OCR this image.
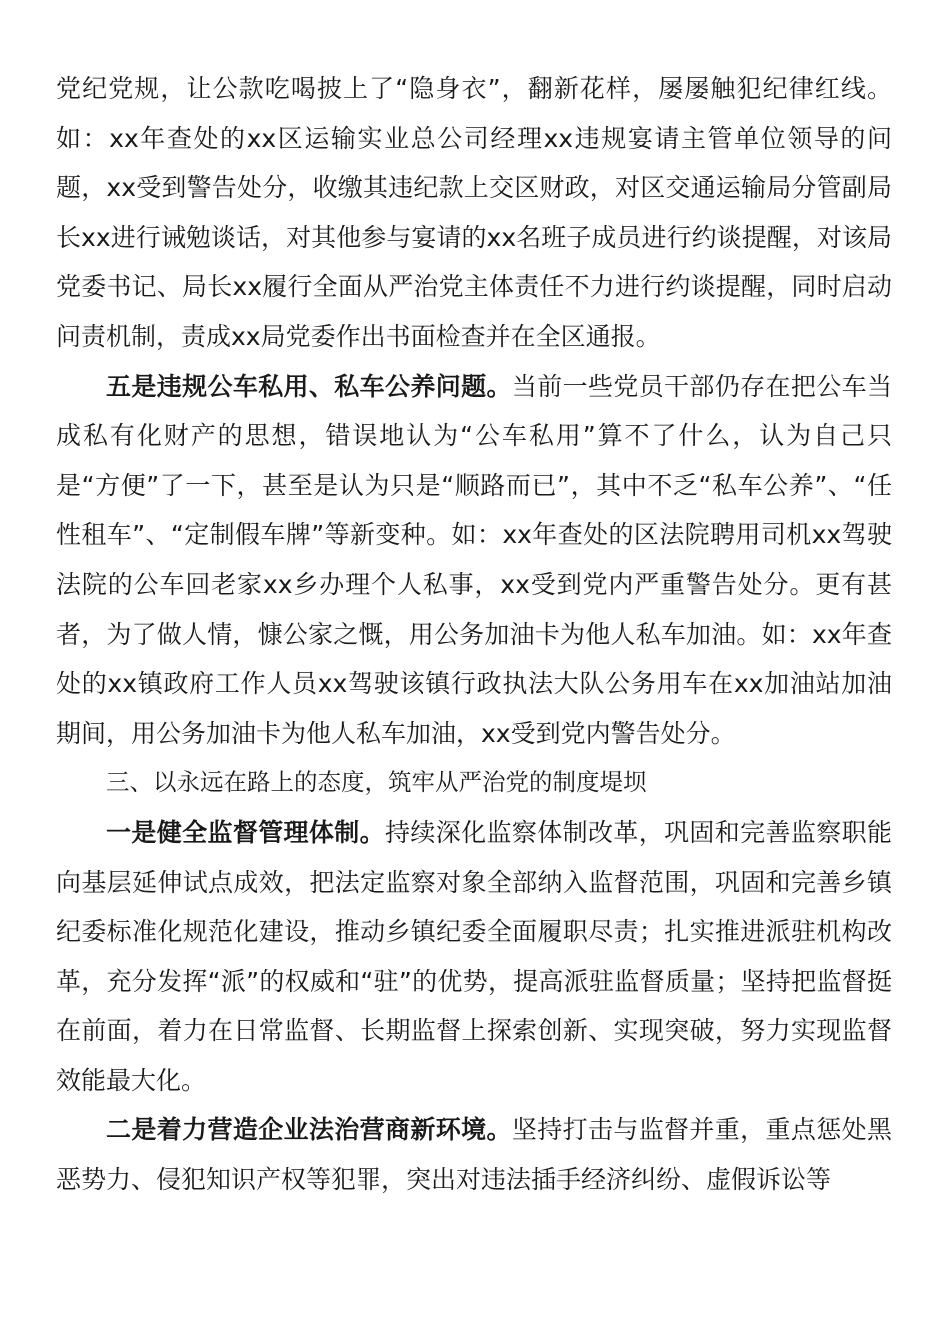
党纪党规，让公款吃喝披上了“隐身衣”，翻新花样，屡屡触犯纪律红线。如：xx年查处的xx区运输实业总公司经理xx违规宴请主管单位领导的问题，xx受到警告处分，收缴其违纪款上交区财政，对区交通运输局分管副局长xx进行诫勉谈话，对其他参与宴请的xx名班子成员进行约谈提醒，对该局党委书记、局长xx履行全面从严治党主体责任不力进行约谈提醒，同时启动问责机制，责成xx局党委作出书面检查并在全区通报。

五是违规公车私用、私车公养问题。当前一些党员干部仍存在把公车当成私有化财产的思想，错误地认为“公车私用”算不了什么，认为自己只是“方便”了一下，甚至是认为只是“顺路而已”，其中不乏“私车公养”、“任性租车”、“定制假车牌”等新变种。如：xx年查处的区法院聘用司机xx驾驶法院的公车回老家xx乡办理个人私事，xx受到党内严重警告处分。更有甚者，为了做人情，慷公家之慨，用公务加油卡为他人私车加油。如：xx年查处的xx镇政府工作人员xx驾驶该镇行政执法大队公务用车在xx加油站加油期间，用公务加油卡为他人私车加油，xx受到党内警告处分。

三、以永远在路上的态度，筑牢从严治党的制度堤坝

一是健全监督管理体制。持续深化监察体制改革，巩固和完善监察职能向基层延伸试点成效，把法定监察对象全部纳入监督范围，巩固和完善乡镇纪委标准化规范化建设，推动乡镇纪委全面履职尽责；扎实推进派驻机构改革，充分发挥“派”的权威和“驻”的优势，提高派驻监督质量；坚持把监督挺在前面，着力在日常监督、长期监督上探索创新、实现突破，努力实现监督效能最大化。

二是着力营造企业法治营商新环境。坚持打击与监督并重，重点惩处黑恶势力、侵犯知识产权等犯罪，突出对违法插手经济纠纷、虚假诉讼等
